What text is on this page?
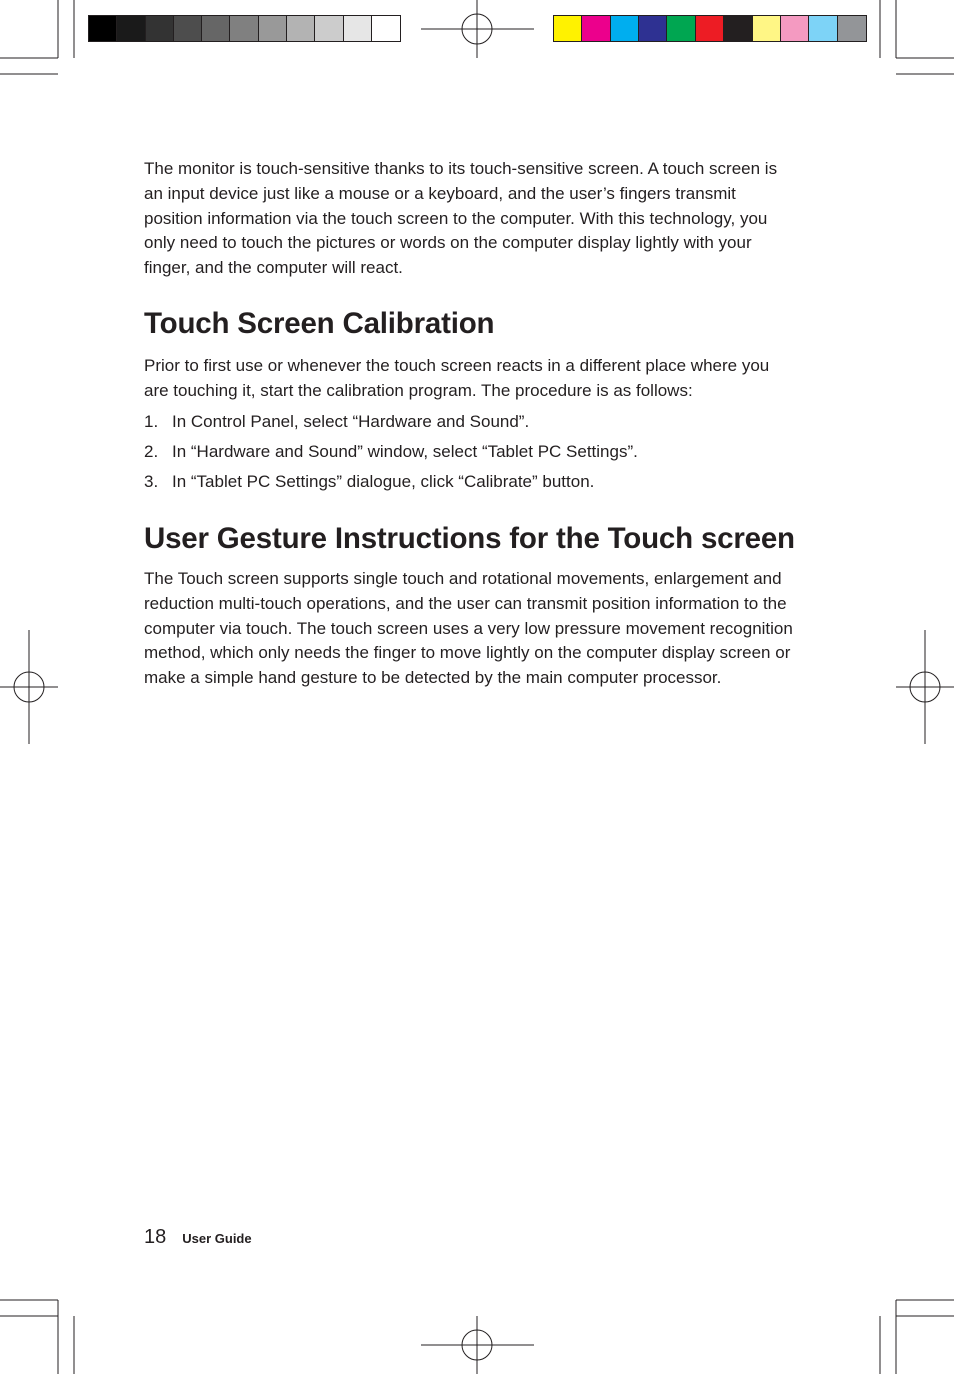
The monitor is touch-sensitive thanks to its touch-sensitive screen. A touch screen is an input device just like a mouse or a keyboard, and the user’s fingers transmit position information via the touch screen to the computer. With this technology, you only need to touch the pictures or words on the computer display lightly with your finger, and the computer will react.

Touch Screen Calibration

Prior to first use or whenever the touch screen reacts in a different place where you are touching it, start the calibration program. The procedure is as follows:

1. In Control Panel, select “Hardware and Sound”.
2. In “Hardware and Sound” window, select “Tablet PC Settings”.
3. In “Tablet PC Settings” dialogue, click “Calibrate” button.
User Gesture Instructions for the Touch screen

The Touch screen supports single touch and rotational movements, enlargement and reduction multi-touch operations, and the user can transmit position information to the computer via touch. The touch screen uses a very low pressure movement recognition method, which only needs the finger to move lightly on the computer display screen or make a simple hand gesture to be detected by the main computer processor.

18 User Guide
